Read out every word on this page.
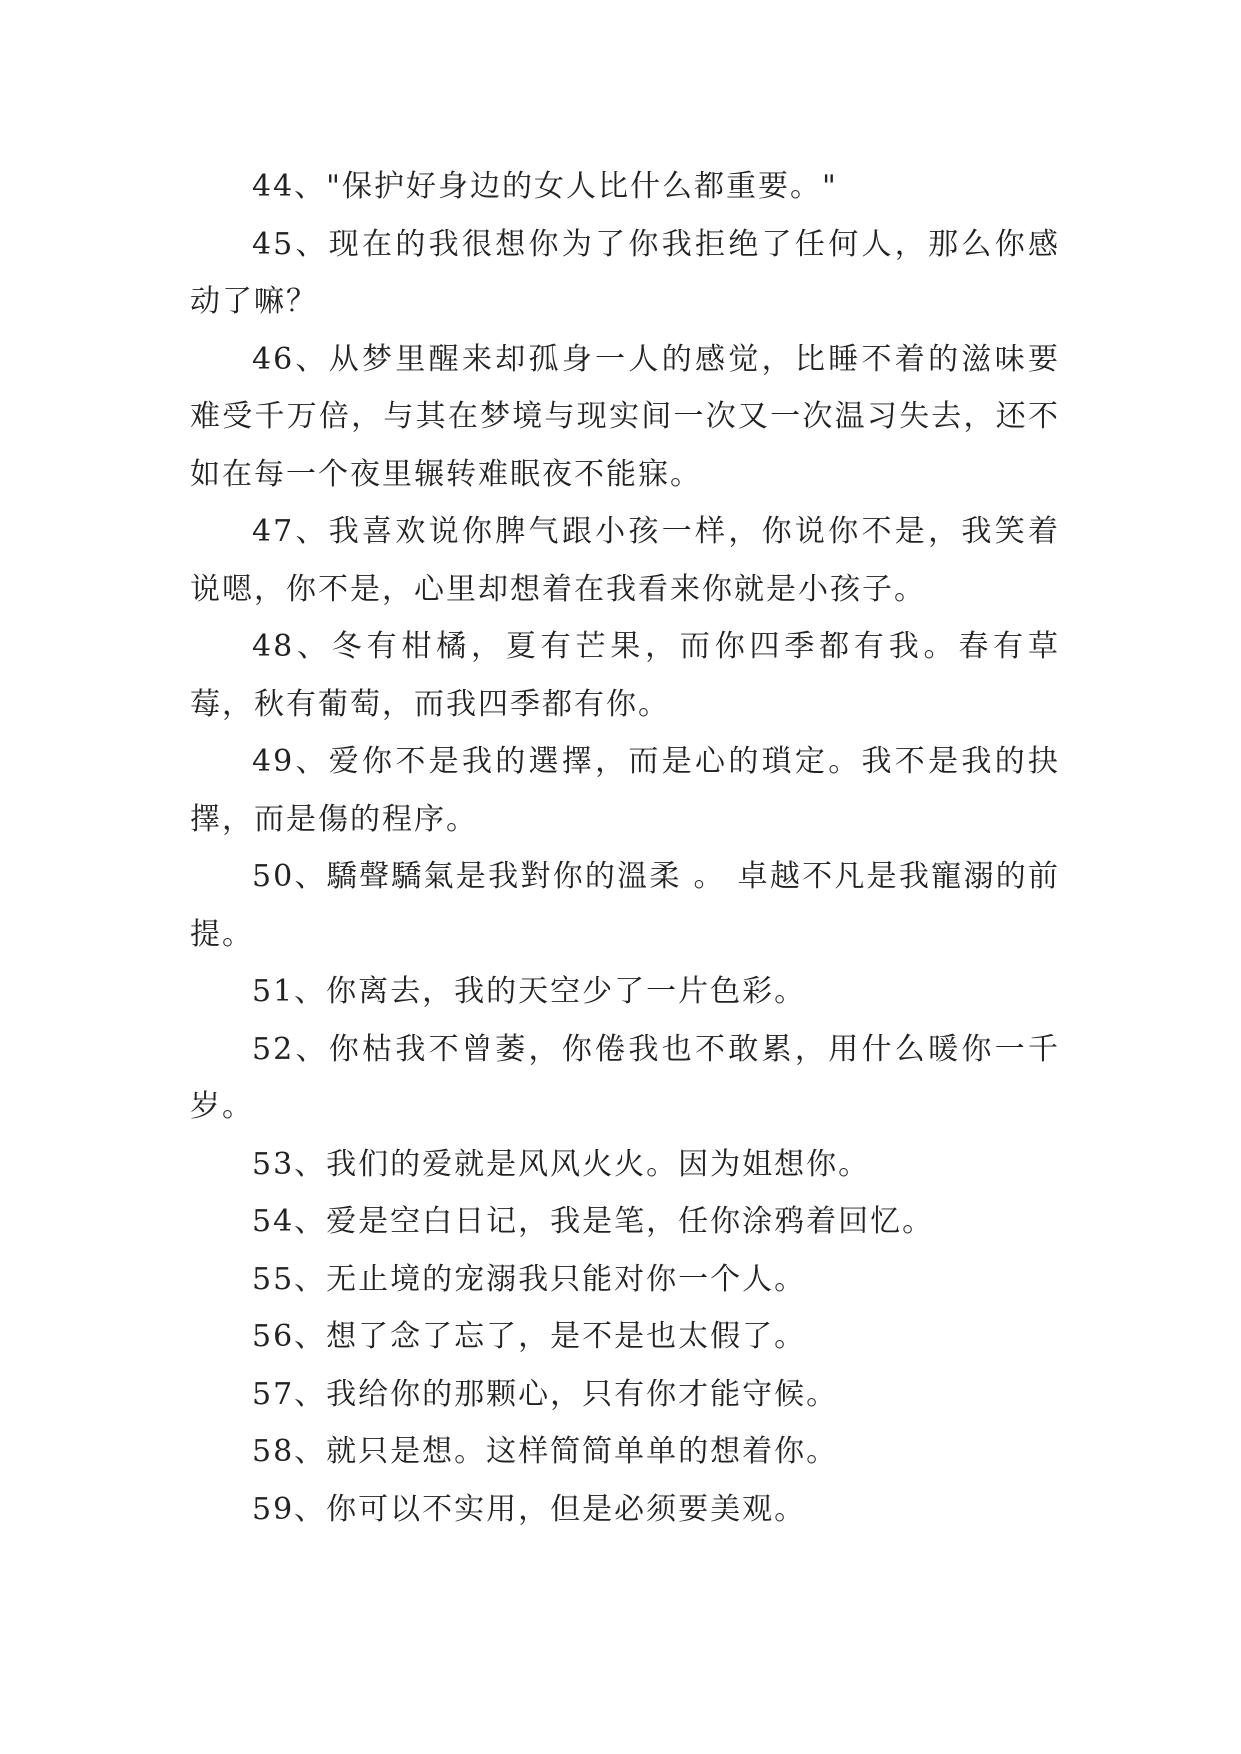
44、"保护好身边的女人比什么都重要。"

45、现在的我很想你为了你我拒绝了任何人，那么你感动了嘛？

46、从梦里醒来却孤身一人的感觉，比睡不着的滋味要难受千万倍，与其在梦境与现实间一次又一次温习失去，还不如在每一个夜里辗转难眠夜不能寐。

47、我喜欢说你脾气跟小孩一样，你说你不是，我笑着说嗯，你不是，心里却想着在我看来你就是小孩子。

48、冬有柑橘，夏有芒果，而你四季都有我。春有草莓，秋有葡萄，而我四季都有你。

49、爱你不是我的選擇，而是心的瑣定。我不是我的抉擇，而是傷的程序。

50、驕聲驕氣是我對你的溫柔 。 卓越不凡是我寵溺的前提。

51、你离去，我的天空少了一片色彩。

52、你枯我不曾萎，你倦我也不敢累，用什么暖你一千岁。

53、我们的爱就是风风火火。因为姐想你。

54、爱是空白日记，我是笔，任你涂鸦着回忆。

55、无止境的宠溺我只能对你一个人。

56、想了念了忘了，是不是也太假了。

57、我给你的那颗心，只有你才能守候。

58、就只是想。这样简简单单的想着你。

59、你可以不实用，但是必须要美观。
